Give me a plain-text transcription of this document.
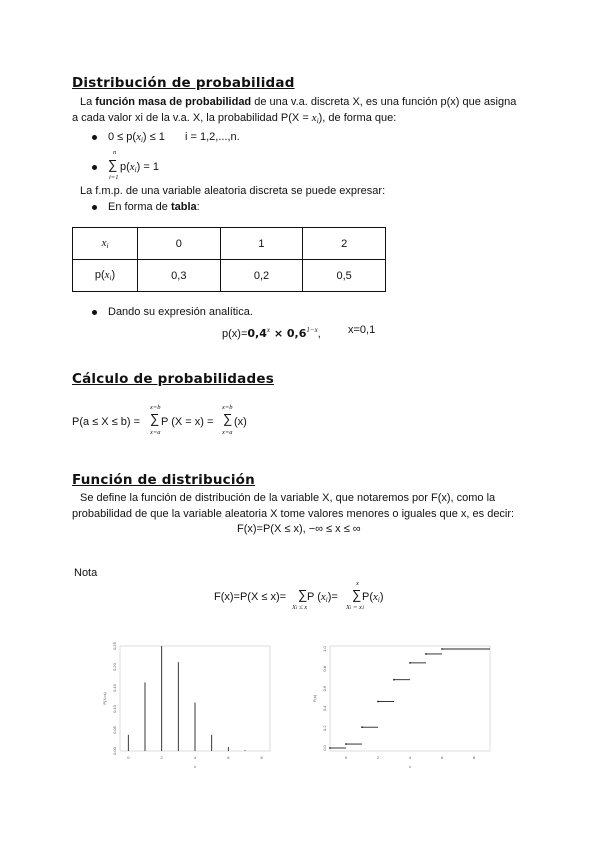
Distribución de probabilidad
La función masa de probabilidad de una v.a. discreta X, es una función p(x) que asigna
a cada valor xi de la v.a. X, la probabilidad $P(X = x_i)$, de forma que:
$0 \le p(x_i) \le 1$ i = 1,2,...,n.
n
∑
i=1
$p(x_i) = 1$
La f.m.p. de una variable aleatoria discreta se puede expresar:
En forma de tabla:
$x_i$	0	1	2
$p(x_i)$	0,3	0,2	0,5
Dando su expresión analítica.
$p(x)=0,4^x \times 0,6^{1-x}$, x=0,1
Cálculo de probabilidades
P(a ≤ X ≤ b) =
x=b
∑
x=a
P (X = x) =
x=b
∑
x=a
(x)
Función de distribución
Se define la función de distribución de la variable X, que notaremos por F(x), como la
probabilidad de que la variable aleatoria X tome valores menores o iguales que x, es decir:
F(x)=P(X ≤ x), −∞ ≤ x ≤ ∞
Nota
F(x)=P(X ≤ x)= ∑
Xi ≤ x
P $(x_i)=$
x
∑
Xi = x1
$P(x_i)$
0.00
0.05
0.10
0.15
0.20
0.25
0	2	4	6	8
P(X=x)
x
0.0
0.2
0.4
0.6
0.8
1.0
0	2	4	6	8
F(x)
x
